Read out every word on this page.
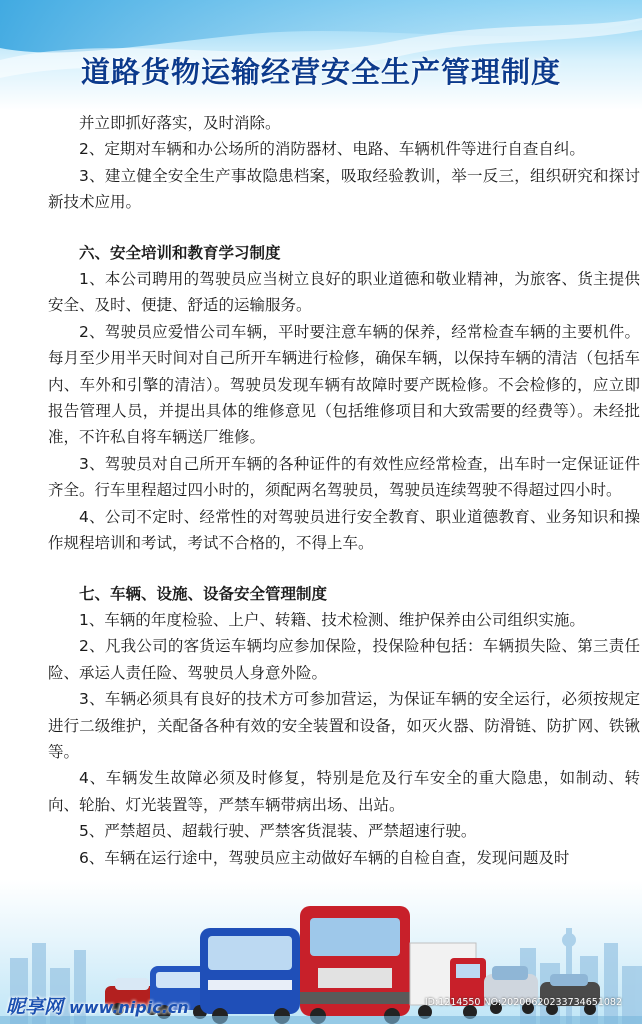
道路货物运输经营安全生产管理制度

并立即抓好落实，及时消除。

2、定期对车辆和办公场所的消防器材、电路、车辆机件等进行自查自纠。

3、建立健全安全生产事故隐患档案，吸取经验教训，举一反三，组织研究和探讨新技术应用。

六、安全培训和教育学习制度

1、本公司聘用的驾驶员应当树立良好的职业道德和敬业精神，为旅客、货主提供安全、及时、便捷、舒适的运输服务。

2、驾驶员应爱惜公司车辆，平时要注意车辆的保养，经常检查车辆的主要机件。每月至少用半天时间对自己所开车辆进行检修，确保车辆，以保持车辆的清洁（包括车内、车外和引擎的清洁）。驾驶员发现车辆有故障时要产既检修。不会检修的，应立即报告管理人员，并提出具体的维修意见（包括维修项目和大致需要的经费等）。未经批准，不许私自将车辆送厂维修。

3、驾驶员对自己所开车辆的各种证件的有效性应经常检查，出车时一定保证证件齐全。行车里程超过四小时的，须配两名驾驶员，驾驶员连续驾驶不得超过四小时。

4、公司不定时、经常性的对驾驶员进行安全教育、职业道德教育、业务知识和操作规程培训和考试，考试不合格的，不得上车。

七、车辆、设施、设备安全管理制度

1、车辆的年度检验、上户、转籍、技术检测、维护保养由公司组织实施。

2、凡我公司的客货运车辆均应参加保险，投保险种包括：车辆损失险、第三责任险、承运人责任险、驾驶员人身意外险。

3、车辆必须具有良好的技术方可参加营运，为保证车辆的安全运行，必须按规定进行二级维护，关配备各种有效的安全装置和设备，如灭火器、防滑链、防扩网、铁锹等。

4、车辆发生故障必须及时修复，特别是危及行车安全的重大隐患，如制动、转向、轮胎、灯光装置等，严禁车辆带病出场、出站。

5、严禁超员、超载行驶、严禁客货混装、严禁超速行驶。

6、车辆在运行途中，驾驶员应主动做好车辆的自检自查，发现问题及时

昵享网 www.nipic.cn	ID:1214550 NO:20200620233734651082
